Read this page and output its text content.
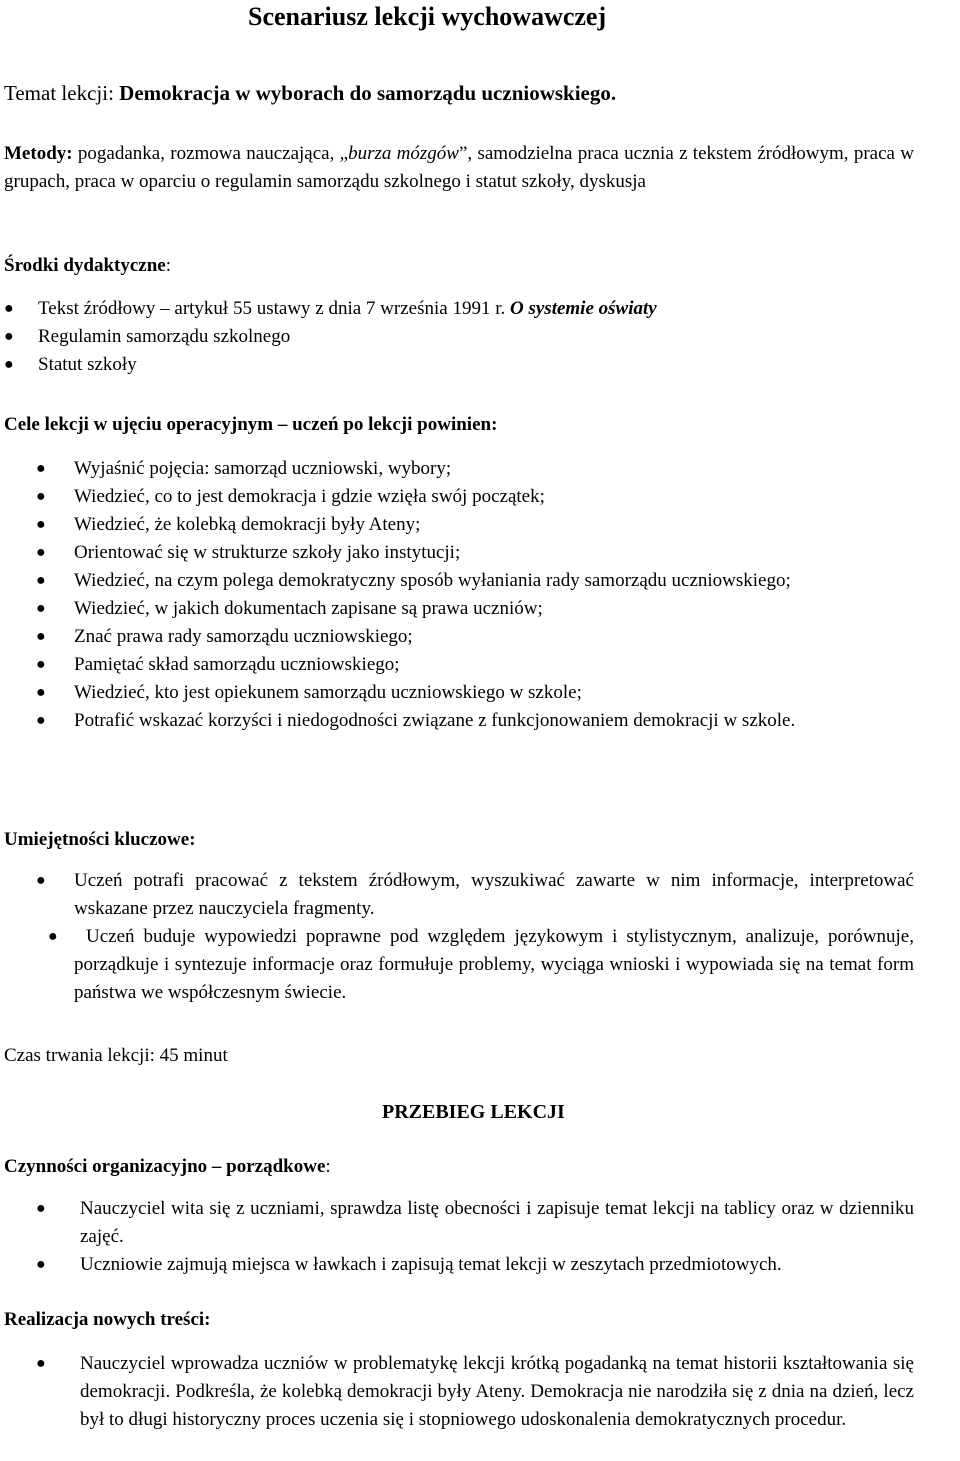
Scenariusz lekcji wychowawczej
Temat lekcji: Demokracja w wyborach do samorządu uczniowskiego.
Metody: pogadanka, rozmowa nauczająca, „burza mózgów”, samodzielna praca ucznia z tekstem źródłowym, praca w grupach, praca w oparciu o regulamin samorządu szkolnego i statut szkoły, dyskusja
Środki dydaktyczne:
● Tekst źródłowy – artykuł 55 ustawy z dnia 7 września 1991 r. O systemie oświaty
● Regulamin samorządu szkolnego
● Statut szkoły
Cele lekcji w ujęciu operacyjnym – uczeń po lekcji powinien:
● Wyjaśnić pojęcia: samorząd uczniowski, wybory;
● Wiedzieć, co to jest demokracja i gdzie wzięła swój początek;
● Wiedzieć, że kolebką demokracji były Ateny;
● Orientować się w strukturze szkoły jako instytucji;
● Wiedzieć, na czym polega demokratyczny sposób wyłaniania rady samorządu uczniowskiego;
● Wiedzieć, w jakich dokumentach zapisane są prawa uczniów;
● Znać prawa rady samorządu uczniowskiego;
● Pamiętać skład samorządu uczniowskiego;
● Wiedzieć, kto jest opiekunem samorządu uczniowskiego w szkole;
● Potrafić wskazać korzyści i niedogodności związane z funkcjonowaniem demokracji w szkole.
Umiejętności kluczowe:
● Uczeń potrafi pracować z tekstem źródłowym, wyszukiwać zawarte w nim informacje, interpretować wskazane przez nauczyciela fragmenty.
● Uczeń buduje wypowiedzi poprawne pod względem językowym i stylistycznym, analizuje, porównuje, porządkuje i syntezuje informacje oraz formułuje problemy, wyciąga wnioski i wypowiada się na temat form państwa we współczesnym świecie.
Czas trwania lekcji: 45 minut
PRZEBIEG LEKCJI
Czynności organizacyjno – porządkowe:
● Nauczyciel wita się z uczniami, sprawdza listę obecności i zapisuje temat lekcji na tablicy oraz w dzienniku zajęć.
● Uczniowie zajmują miejsca w ławkach i zapisują temat lekcji w zeszytach przedmiotowych.
Realizacja nowych treści:
● Nauczyciel wprowadza uczniów w problematykę lekcji krótką pogadanką na temat historii kształtowania się demokracji. Podkreśla, że kolebką demokracji były Ateny. Demokracja nie narodziła się z dnia na dzień, lecz był to długi historyczny proces uczenia się i stopniowego udoskonalenia demokratycznych procedur.
